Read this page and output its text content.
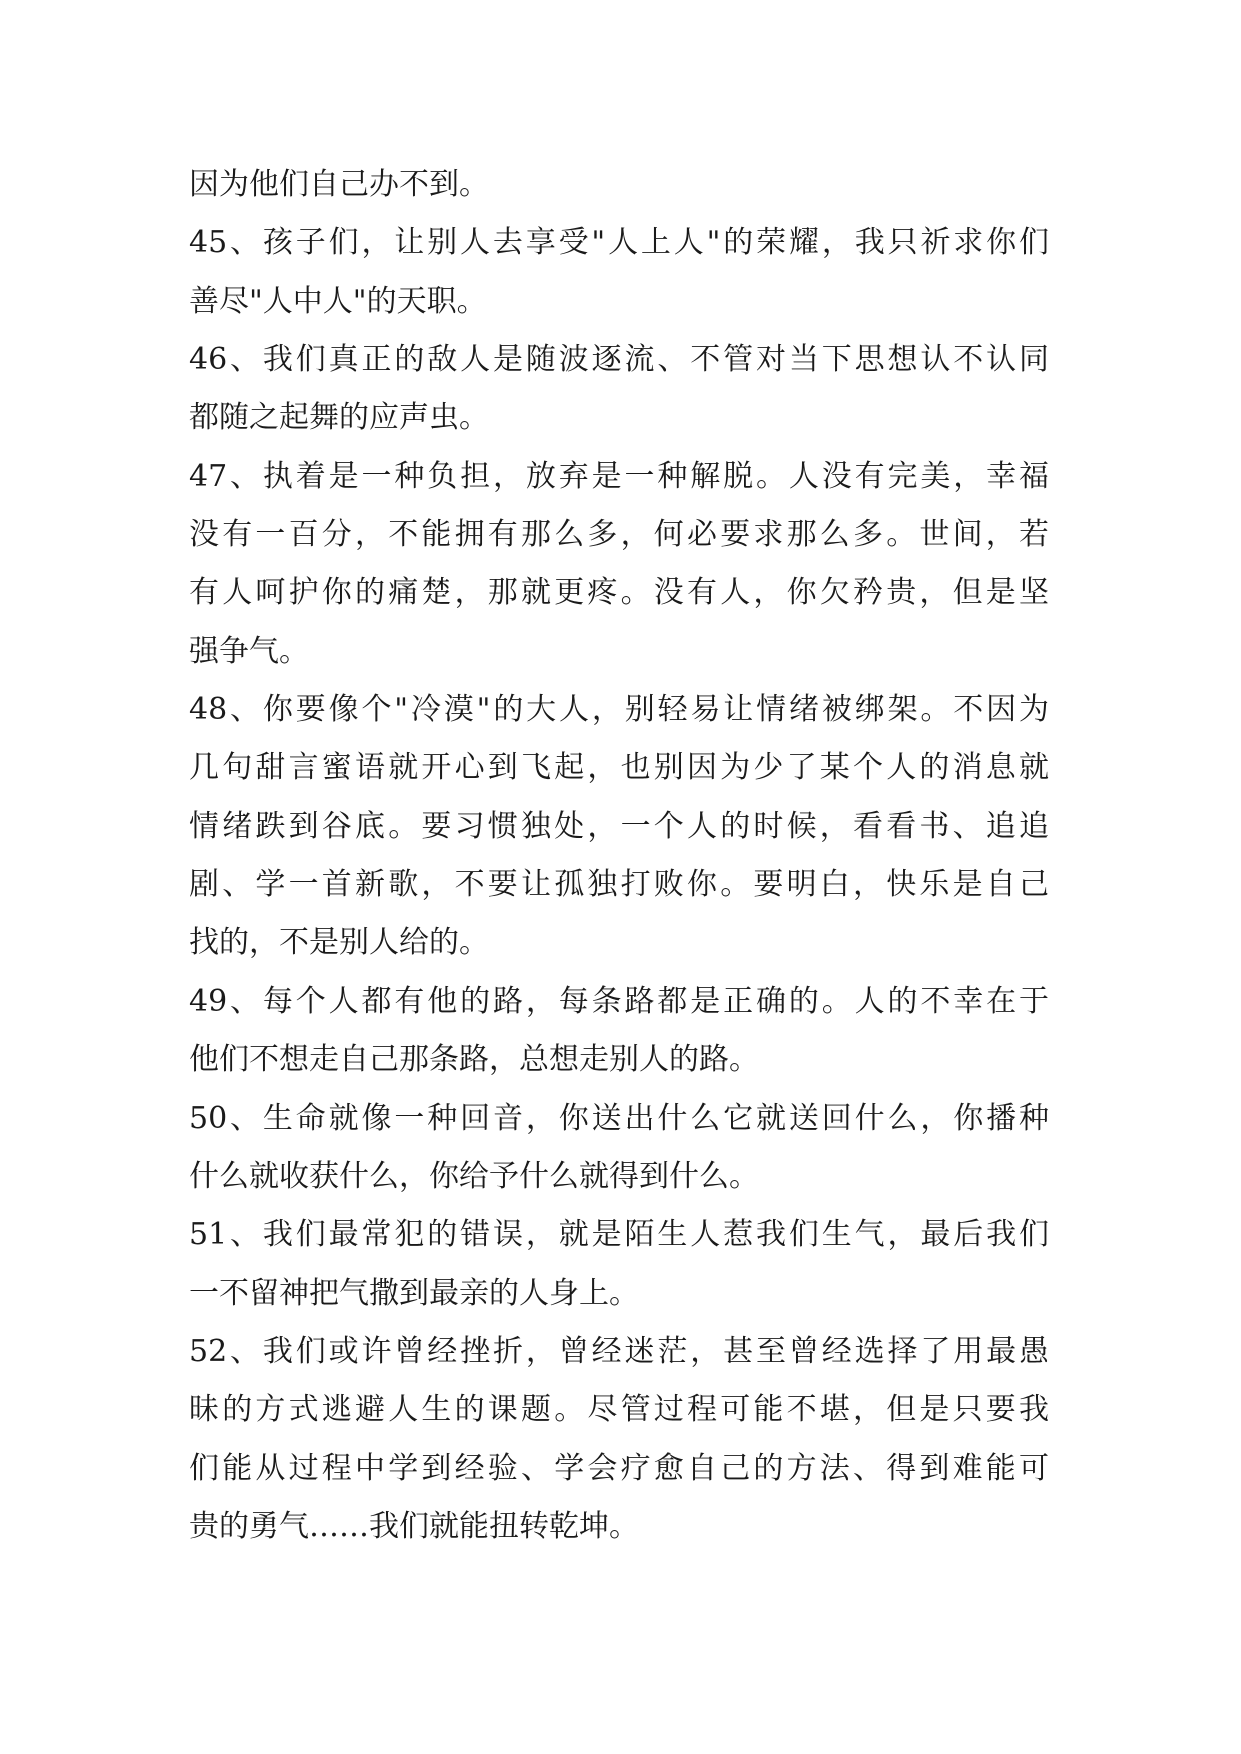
因为他们自己办不到。
45、孩子们，让别人去享受"人上人"的荣耀，我只祈求你们
善尽"人中人"的天职。
46、我们真正的敌人是随波逐流、不管对当下思想认不认同
都随之起舞的应声虫。
47、执着是一种负担，放弃是一种解脱。人没有完美，幸福
没有一百分，不能拥有那么多，何必要求那么多。世间，若
有人呵护你的痛楚，那就更疼。没有人，你欠矜贵，但是坚
强争气。
48、你要像个"冷漠"的大人，别轻易让情绪被绑架。不因为
几句甜言蜜语就开心到飞起，也别因为少了某个人的消息就
情绪跌到谷底。要习惯独处，一个人的时候，看看书、追追
剧、学一首新歌，不要让孤独打败你。要明白，快乐是自己
找的，不是别人给的。
49、每个人都有他的路，每条路都是正确的。人的不幸在于
他们不想走自己那条路，总想走别人的路。
50、生命就像一种回音，你送出什么它就送回什么，你播种
什么就收获什么，你给予什么就得到什么。
51、我们最常犯的错误，就是陌生人惹我们生气，最后我们
一不留神把气撒到最亲的人身上。
52、我们或许曾经挫折，曾经迷茫，甚至曾经选择了用最愚
昧的方式逃避人生的课题。尽管过程可能不堪，但是只要我
们能从过程中学到经验、学会疗愈自己的方法、得到难能可
贵的勇气……我们就能扭转乾坤。
